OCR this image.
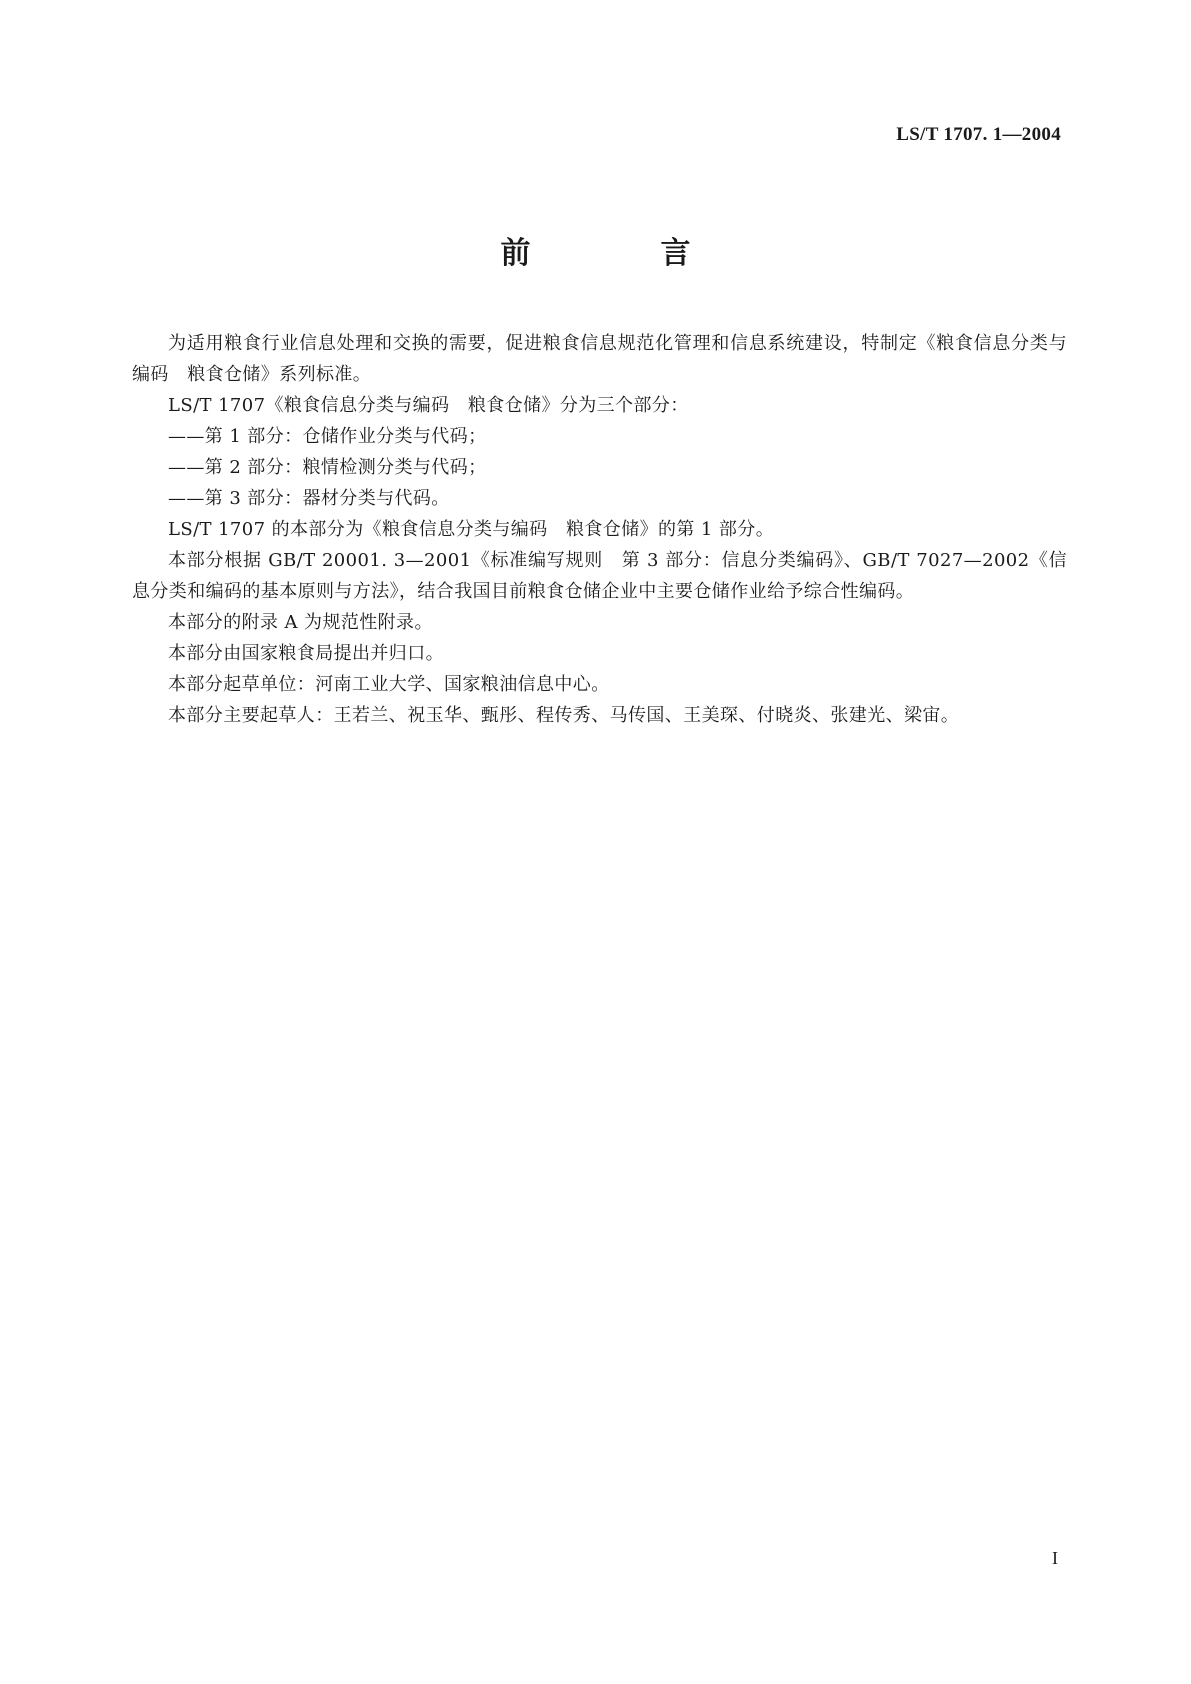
LS/T 1707. 1—2004
前　言

为适用粮食行业信息处理和交换的需要，促进粮食信息规范化管理和信息系统建设，特制定《粮食信息分类与编码　粮食仓储》系列标准。

LS/T 1707《粮食信息分类与编码　粮食仓储》分为三个部分：

——第 1 部分：仓储作业分类与代码；

——第 2 部分：粮情检测分类与代码；

——第 3 部分：器材分类与代码。

LS/T 1707 的本部分为《粮食信息分类与编码　粮食仓储》的第 1 部分。

本部分根据 GB/T 20001. 3—2001《标准编写规则　第 3 部分：信息分类编码》、GB/T 7027—2002《信息分类和编码的基本原则与方法》，结合我国目前粮食仓储企业中主要仓储作业给予综合性编码。

本部分的附录 A 为规范性附录。

本部分由国家粮食局提出并归口。

本部分起草单位：河南工业大学、国家粮油信息中心。

本部分主要起草人：王若兰、祝玉华、甄彤、程传秀、马传国、王美琛、付晓炎、张建光、梁宙。

I
